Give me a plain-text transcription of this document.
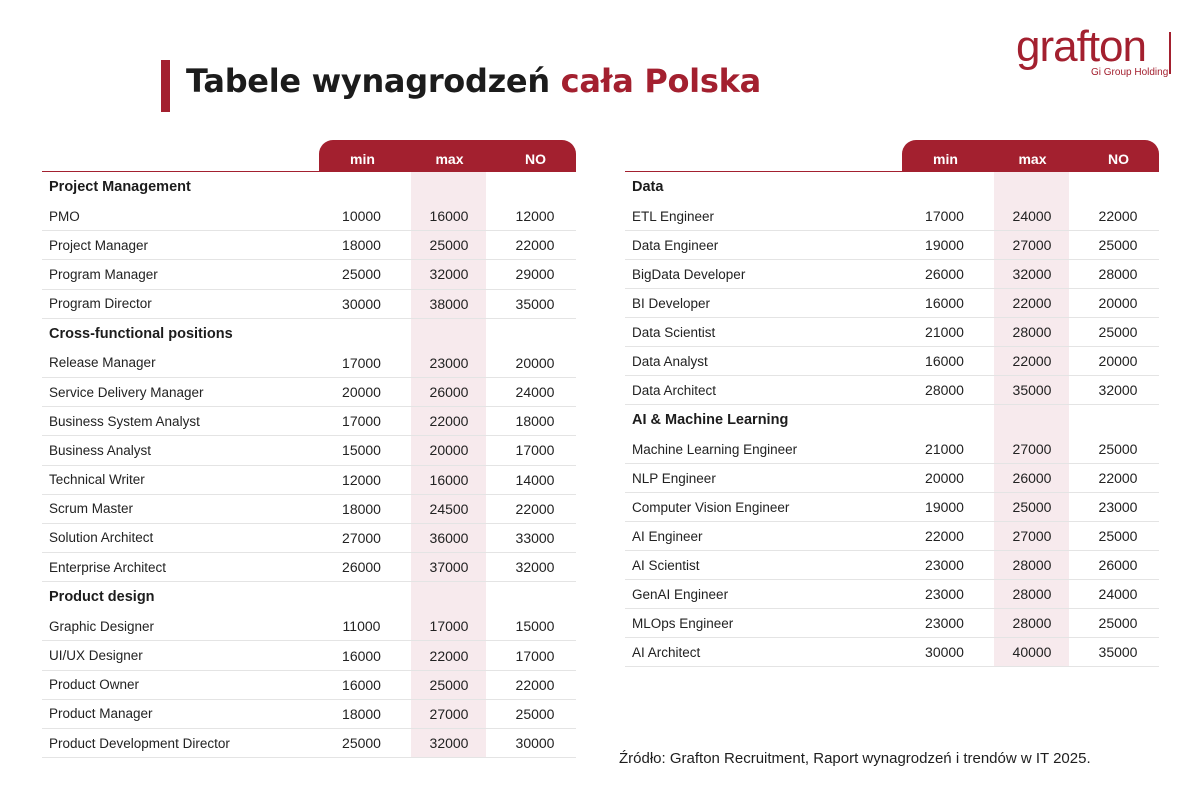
Tabele wynagrodzeń cała Polska
grafton
Gi Group Holding
min	max	NO
Project Management
PMO	10000	16000	12000
Project Manager	18000	25000	22000
Program Manager	25000	32000	29000
Program Director	30000	38000	35000
Cross-functional positions
Release Manager	17000	23000	20000
Service Delivery Manager	20000	26000	24000
Business System Analyst	17000	22000	18000
Business Analyst	15000	20000	17000
Technical Writer	12000	16000	14000
Scrum Master	18000	24500	22000
Solution Architect	27000	36000	33000
Enterprise Architect	26000	37000	32000
Product design
Graphic Designer	11000	17000	15000
UI/UX Designer	16000	22000	17000
Product Owner	16000	25000	22000
Product Manager	18000	27000	25000
Product Development Director	25000	32000	30000
min	max	NO
Data
ETL Engineer	17000	24000	22000
Data Engineer	19000	27000	25000
BigData Developer	26000	32000	28000
BI Developer	16000	22000	20000
Data Scientist	21000	28000	25000
Data Analyst	16000	22000	20000
Data Architect	28000	35000	32000
AI & Machine Learning
Machine Learning Engineer	21000	27000	25000
NLP Engineer	20000	26000	22000
Computer Vision Engineer	19000	25000	23000
AI Engineer	22000	27000	25000
AI Scientist	23000	28000	26000
GenAI Engineer	23000	28000	24000
MLOps Engineer	23000	28000	25000
AI Architect	30000	40000	35000
Źródło: Grafton Recruitment, Raport wynagrodzeń i trendów w IT 2025.
